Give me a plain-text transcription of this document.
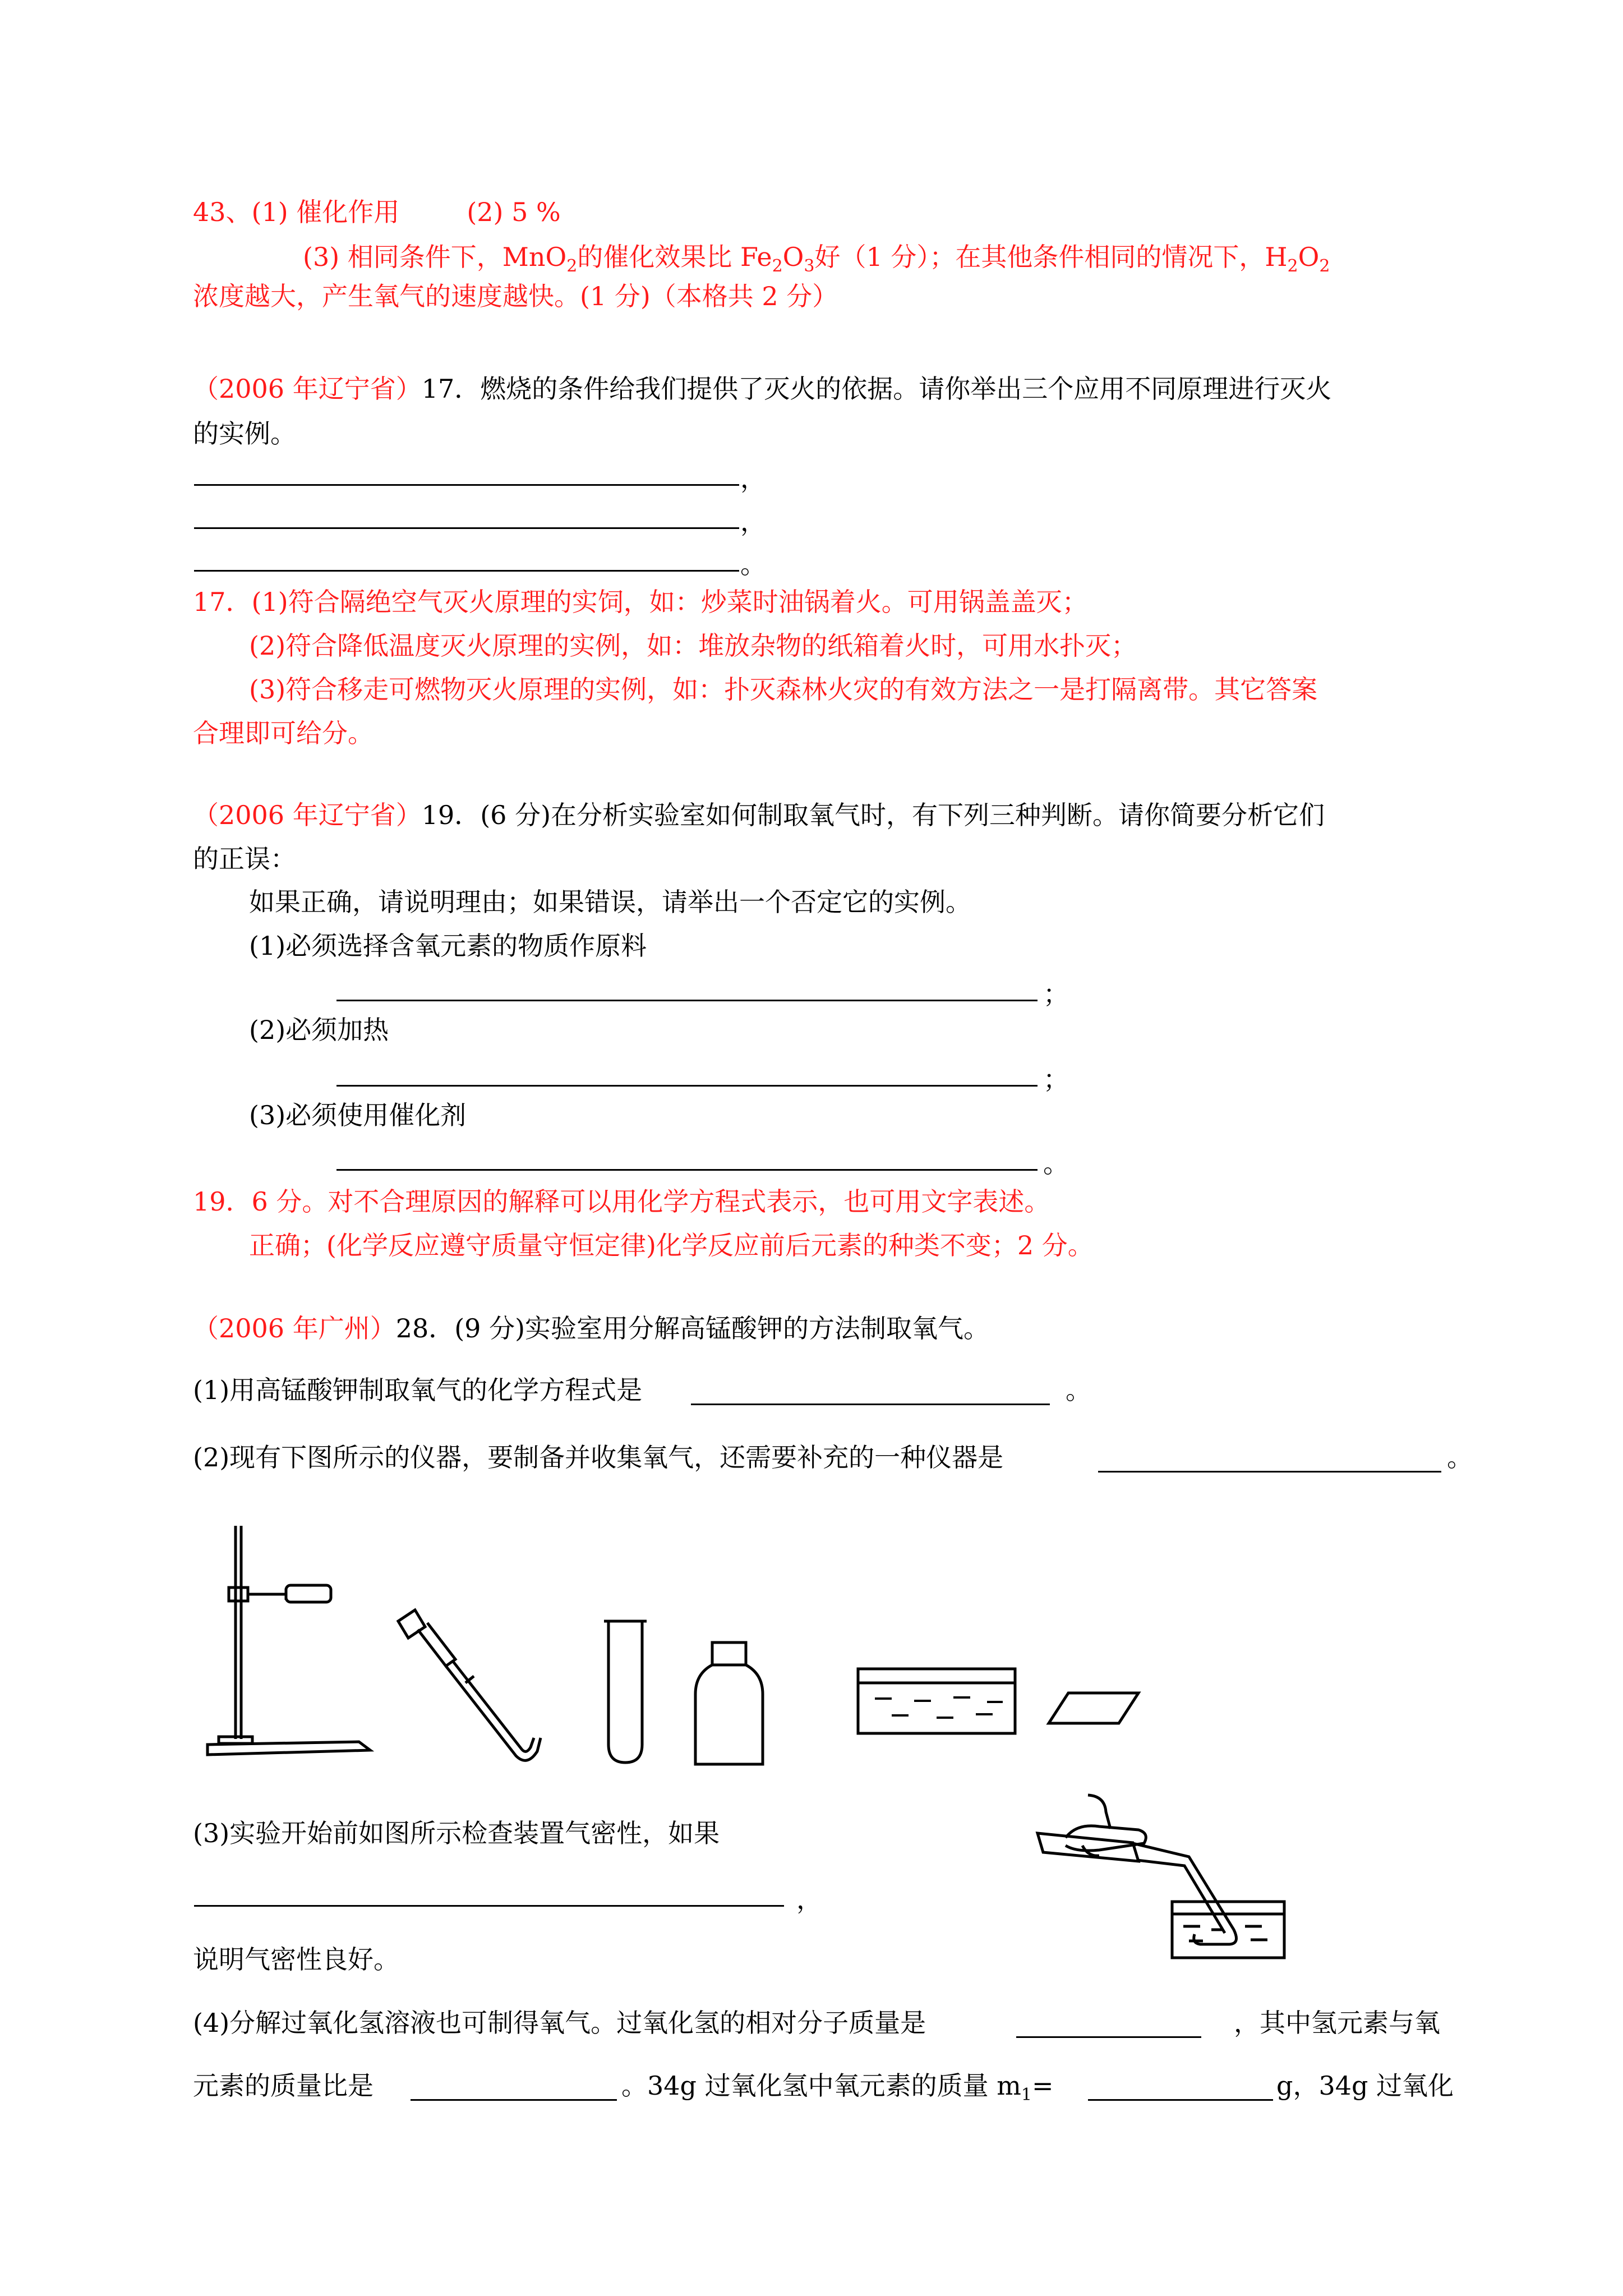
43、(1) 催化作用	(2) 5 %
(3) 相同条件下，MnO$_2$的催化效果比 $Fe_2O_3$好（1 分）；在其他条件相同的情况下，$H_2O_2$
浓度越大，产生氧气的速度越快。(1 分)（本格共 2 分）
（2006 年辽宁省）17．燃烧的条件给我们提供了灭火的依据。请你举出三个应用不同原理进行灭火
的实例。
，
，
。
17．(1)符合隔绝空气灭火原理的实饲，如：炒菜时油锅着火。可用锅盖盖灭；
(2)符合降低温度灭火原理的实例，如：堆放杂物的纸箱着火时，可用水扑灭；
(3)符合移走可燃物灭火原理的实例，如：扑灭森林火灾的有效方法之一是打隔离带。其它答案
合理即可给分。
（2006 年辽宁省）19．(6 分)在分析实验室如何制取氧气时，有下列三种判断。请你简要分析它们
的正误：
如果正确，请说明理由；如果错误，请举出一个否定它的实例。
(1)必须选择含氧元素的物质作原料
；
(2)必须加热
；
(3)必须使用催化剂
。
19．6 分。对不合理原因的解释可以用化学方程式表示，也可用文字表述。
正确；(化学反应遵守质量守恒定律)化学反应前后元素的种类不变；2 分。
（2006 年广州）28．(9 分)实验室用分解高锰酸钾的方法制取氧气。
(1)用高锰酸钾制取氧气的化学方程式是	。
(2)现有下图所示的仪器，要制备并收集氧气，还需要补充的一种仪器是	。
(3)实验开始前如图所示检查装置气密性，如果
，
说明气密性良好。
(4)分解过氧化氢溶液也可制得氧气。过氧化氢的相对分子质量是	，其中氢元素与氧
元素的质量比是	。34g 过氧化氢中氧元素的质量 $m_1=$	g，34g 过氧化
